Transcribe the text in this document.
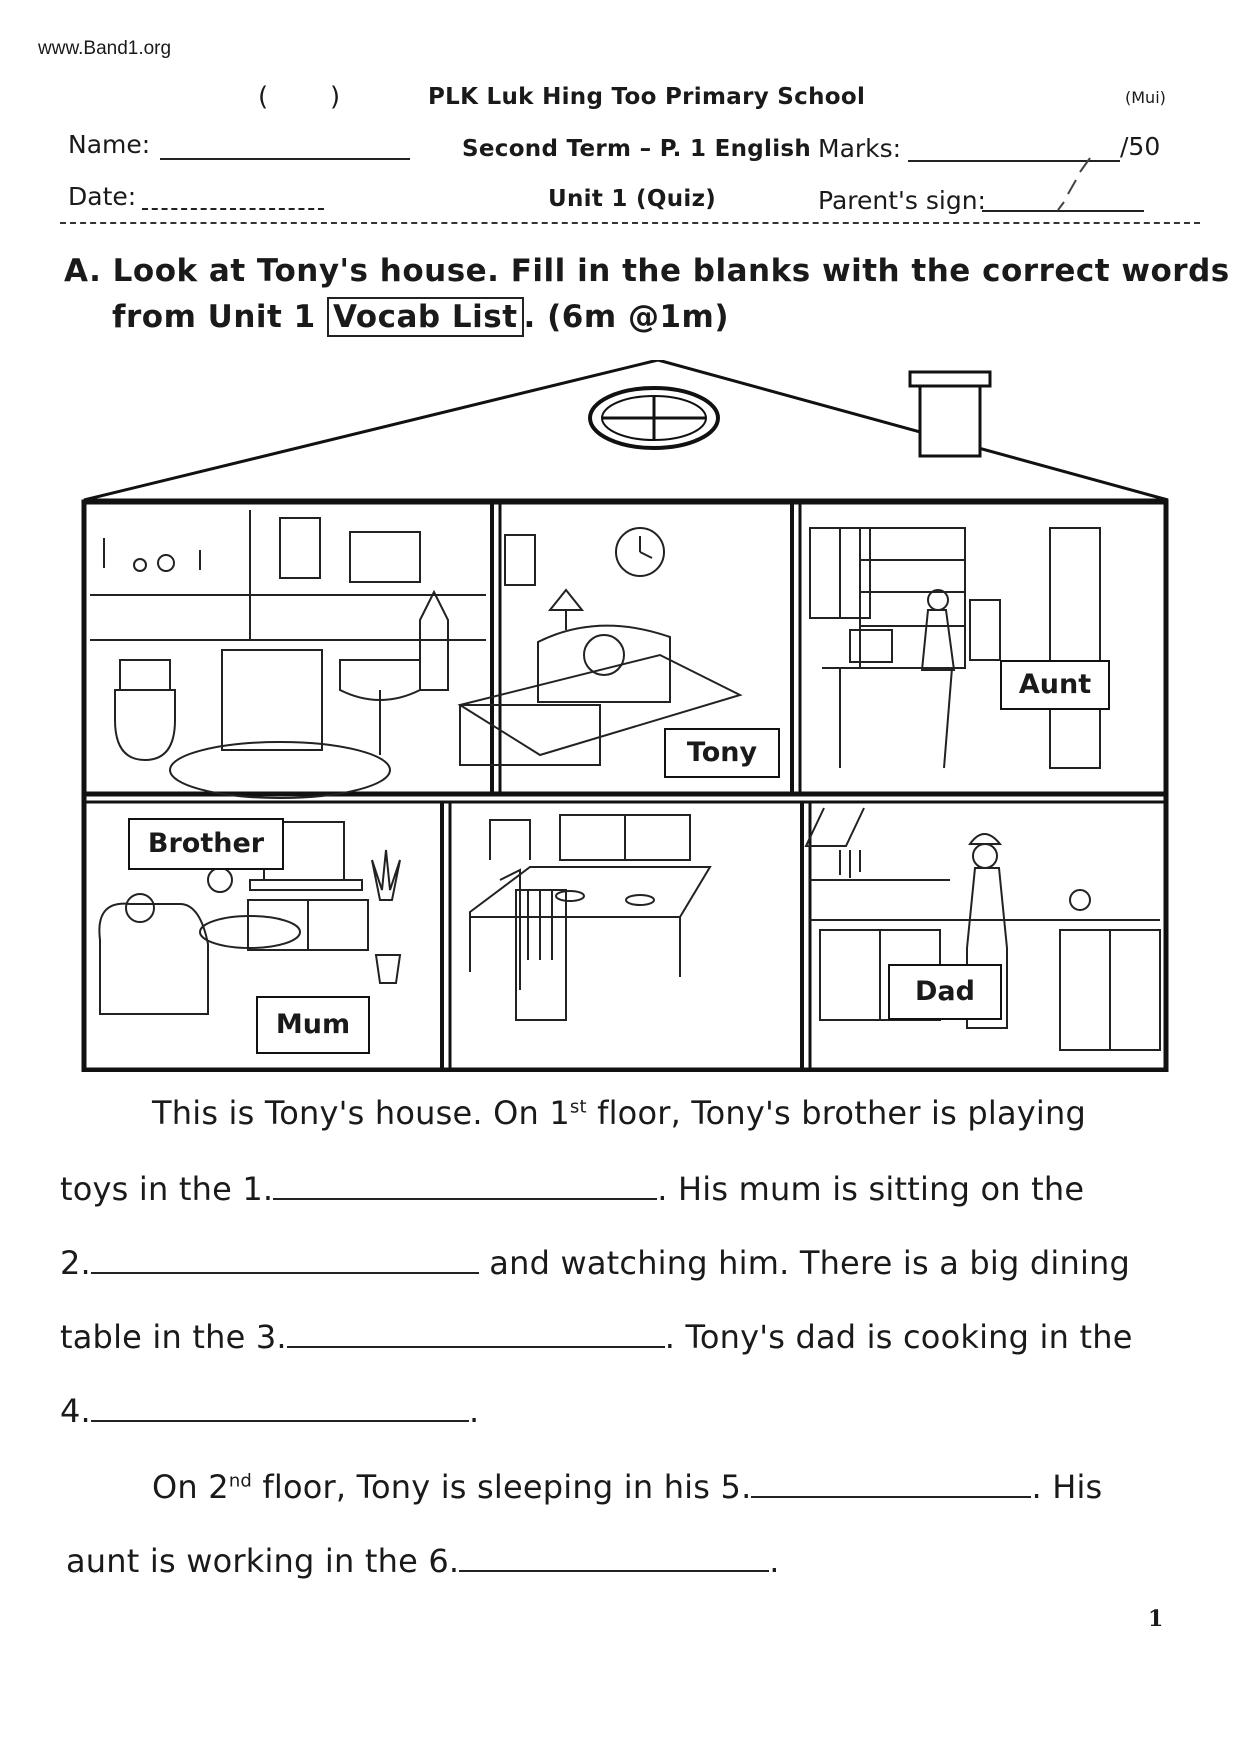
www.Band1.org
( )	PLK Luk Hing Too Primary School	(Mui)
Name:	Second Term – P. 1 English Marks:	/50
Date:	Unit 1 (Quiz)	Parent's sign:
A. Look at Tony's house. Fill in the blanks with the correct words
from Unit 1 Vocab List . (6m @1m)
Aunt
Tony
Brother
Mum
Dad
This is Tony's house. On 1st floor, Tony's brother is playing
toys in the 1.	. His mum is sitting on the
2.	and watching him. There is a big dining
table in the 3.	. Tony's dad is cooking in the
4.	.
On 2nd floor, Tony is sleeping in his 5.	. His
aunt is working in the 6.	.
1
